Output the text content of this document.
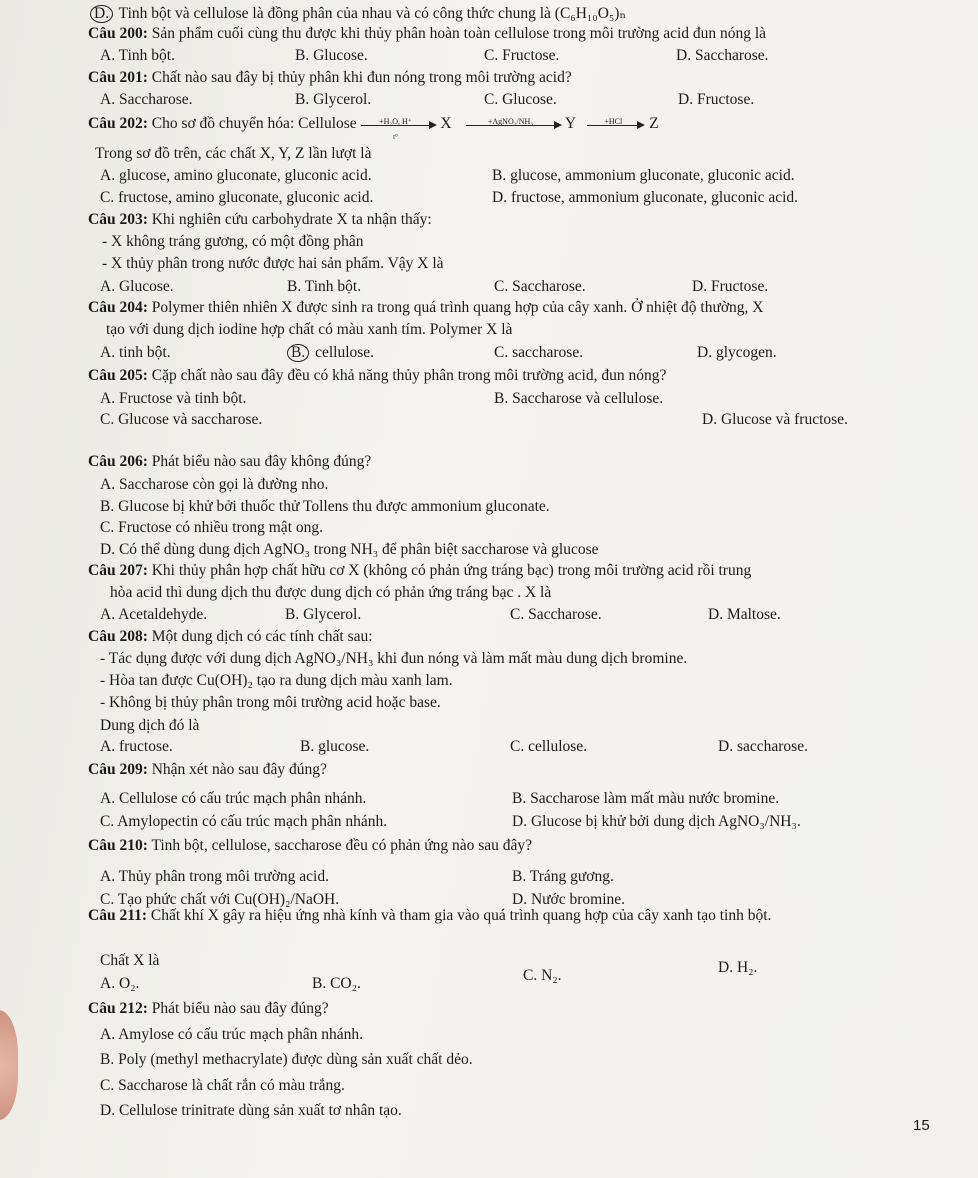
D. Tinh bột và cellulose là đồng phân của nhau và có công thức chung là (C₆H₁₀O₅)ₙ
Câu 200: Sản phẩm cuối cùng thu được khi thủy phân hoàn toàn cellulose trong môi trường acid đun nóng là
Câu 201: Chất nào sau đây bị thủy phân khi đun nóng trong môi trường acid?
Trong sơ đồ trên, các chất X, Y, Z lần lượt là
Câu 203: Khi nghiên cứu carbohydrate X ta nhận thấy:
- X không tráng gương, có một đồng phân
- X thủy phân trong nước được hai sản phẩm. Vậy X là
Câu 204: Polymer thiên nhiên X được sinh ra trong quá trình quang hợp của cây xanh. Ở nhiệt độ thường, X
tạo với dung dịch iodine hợp chất có màu xanh tím. Polymer X là
Câu 205: Cặp chất nào sau đây đều có khả năng thủy phân trong môi trường acid, đun nóng?
Câu 206: Phát biểu nào sau đây không đúng?
A. Saccharose còn gọi là đường nho.
B. Glucose bị khử bởi thuốc thử Tollens thu được ammonium gluconate.
C. Fructose có nhiều trong mật ong.
D. Có thể dùng dung dịch AgNO₃ trong NH₃ để phân biệt saccharose và glucose
Câu 207: Khi thủy phân hợp chất hữu cơ X (không có phản ứng tráng bạc) trong môi trường acid rồi trung
hòa acid thì dung dịch thu được dung dịch có phản ứng tráng bạc . X là
Câu 208: Một dung dịch có các tính chất sau:
- Tác dụng được với dung dịch AgNO₃/NH₃ khi đun nóng và làm mất màu dung dịch bromine.
- Hòa tan được Cu(OH)₂ tạo ra dung dịch màu xanh lam.
- Không bị thủy phân trong môi trường acid hoặc base.
Dung dịch đó là
Câu 209: Nhận xét nào sau đây đúng?
Câu 210: Tinh bột, cellulose, saccharose đều có phản ứng nào sau đây?
Câu 211: Chất khí X gây ra hiệu ứng nhà kính và tham gia vào quá trình quang hợp của cây xanh tạo tinh bột.
Chất X là
Câu 212: Phát biểu nào sau đây đúng?
A. Amylose có cấu trúc mạch phân nhánh.
B. Poly (methyl methacrylate) được dùng sản xuất chất dẻo.
C. Saccharose là chất rắn có màu trắng.
D. Cellulose trinitrate dùng sản xuất tơ nhân tạo.
A. Tinh bột.	B. Glucose.	C. Fructose.	D. Saccharose.
A. Saccharose.	B. Glycerol.	C. Glucose.	D. Fructose.
A. glucose, amino gluconate, gluconic acid.	B. glucose, ammonium gluconate, gluconic acid.
C. fructose, amino gluconate, gluconic acid.	D. fructose, ammonium gluconate, gluconic acid.
A. Glucose.	B. Tinh bột.	C. Saccharose.	D. Fructose.
A. tinh bột.	B. cellulose.	C. saccharose.	D. glycogen.
A. Fructose và tinh bột.	B. Saccharose và cellulose.
C. Glucose và saccharose.	D. Glucose và fructose.
A. Acetaldehyde.	B. Glycerol.	C. Saccharose.	D. Maltose.
A. fructose.	B. glucose.	C. cellulose.	D. saccharose.
A. Cellulose có cấu trúc mạch phân nhánh.	B. Saccharose làm mất màu nước bromine.
C. Amylopectin có cấu trúc mạch phân nhánh.	D. Glucose bị khử bởi dung dịch AgNO₃/NH₃.
A. Thủy phân trong môi trường acid.	B. Tráng gương.
C. Tạo phức chất với Cu(OH)₂/NaOH.	D. Nước bromine.
A. O₂.	B. CO₂.	C. N₂.	D. H₂.
Câu 202: Cho sơ đồ chuyển hóa: Cellulose $\frac{\text{+H₂O, H⁺}}{t^\circ}$ X	+AgNO₃/NH₃	Y	+HCl	Z
15
